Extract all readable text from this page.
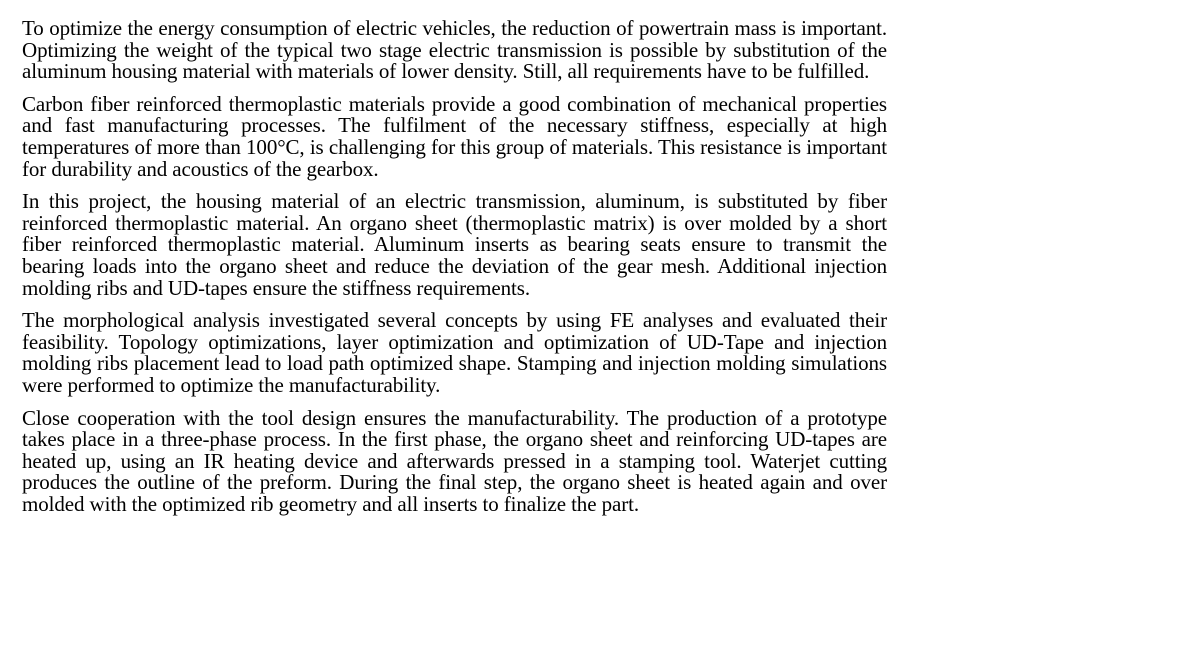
To optimize the energy consumption of electric vehicles, the reduction of powertrain mass is important. Optimizing the weight of the typical two stage electric transmission is possible by substitution of the aluminum housing material with materials of lower density. Still, all requirements have to be fulfilled.

Carbon fiber reinforced thermoplastic materials provide a good combination of mechanical properties and fast manufacturing processes. The fulfilment of the necessary stiffness, especially at high temperatures of more than 100°C, is challenging for this group of materials. This resistance is important for durability and acoustics of the gearbox.

In this project, the housing material of an electric transmission, aluminum, is substituted by fiber reinforced thermoplastic material. An organo sheet (thermoplastic matrix) is over molded by a short fiber reinforced thermoplastic material. Aluminum inserts as bearing seats ensure to transmit the bearing loads into the organo sheet and reduce the deviation of the gear mesh. Additional injection molding ribs and UD-tapes ensure the stiffness requirements.

The morphological analysis investigated several concepts by using FE analyses and evaluated their feasibility. Topology optimizations, layer optimization and optimization of UD-Tape and injection molding ribs placement lead to load path optimized shape. Stamping and injection molding simulations were performed to optimize the manufacturability.

Close cooperation with the tool design ensures the manufacturability. The production of a prototype takes place in a three-phase process. In the first phase, the organo sheet and reinforcing UD-tapes are heated up, using an IR heating device and afterwards pressed in a stamping tool. Waterjet cutting produces the outline of the preform. During the final step, the organo sheet is heated again and over molded with the optimized rib geometry and all inserts to finalize the part.
